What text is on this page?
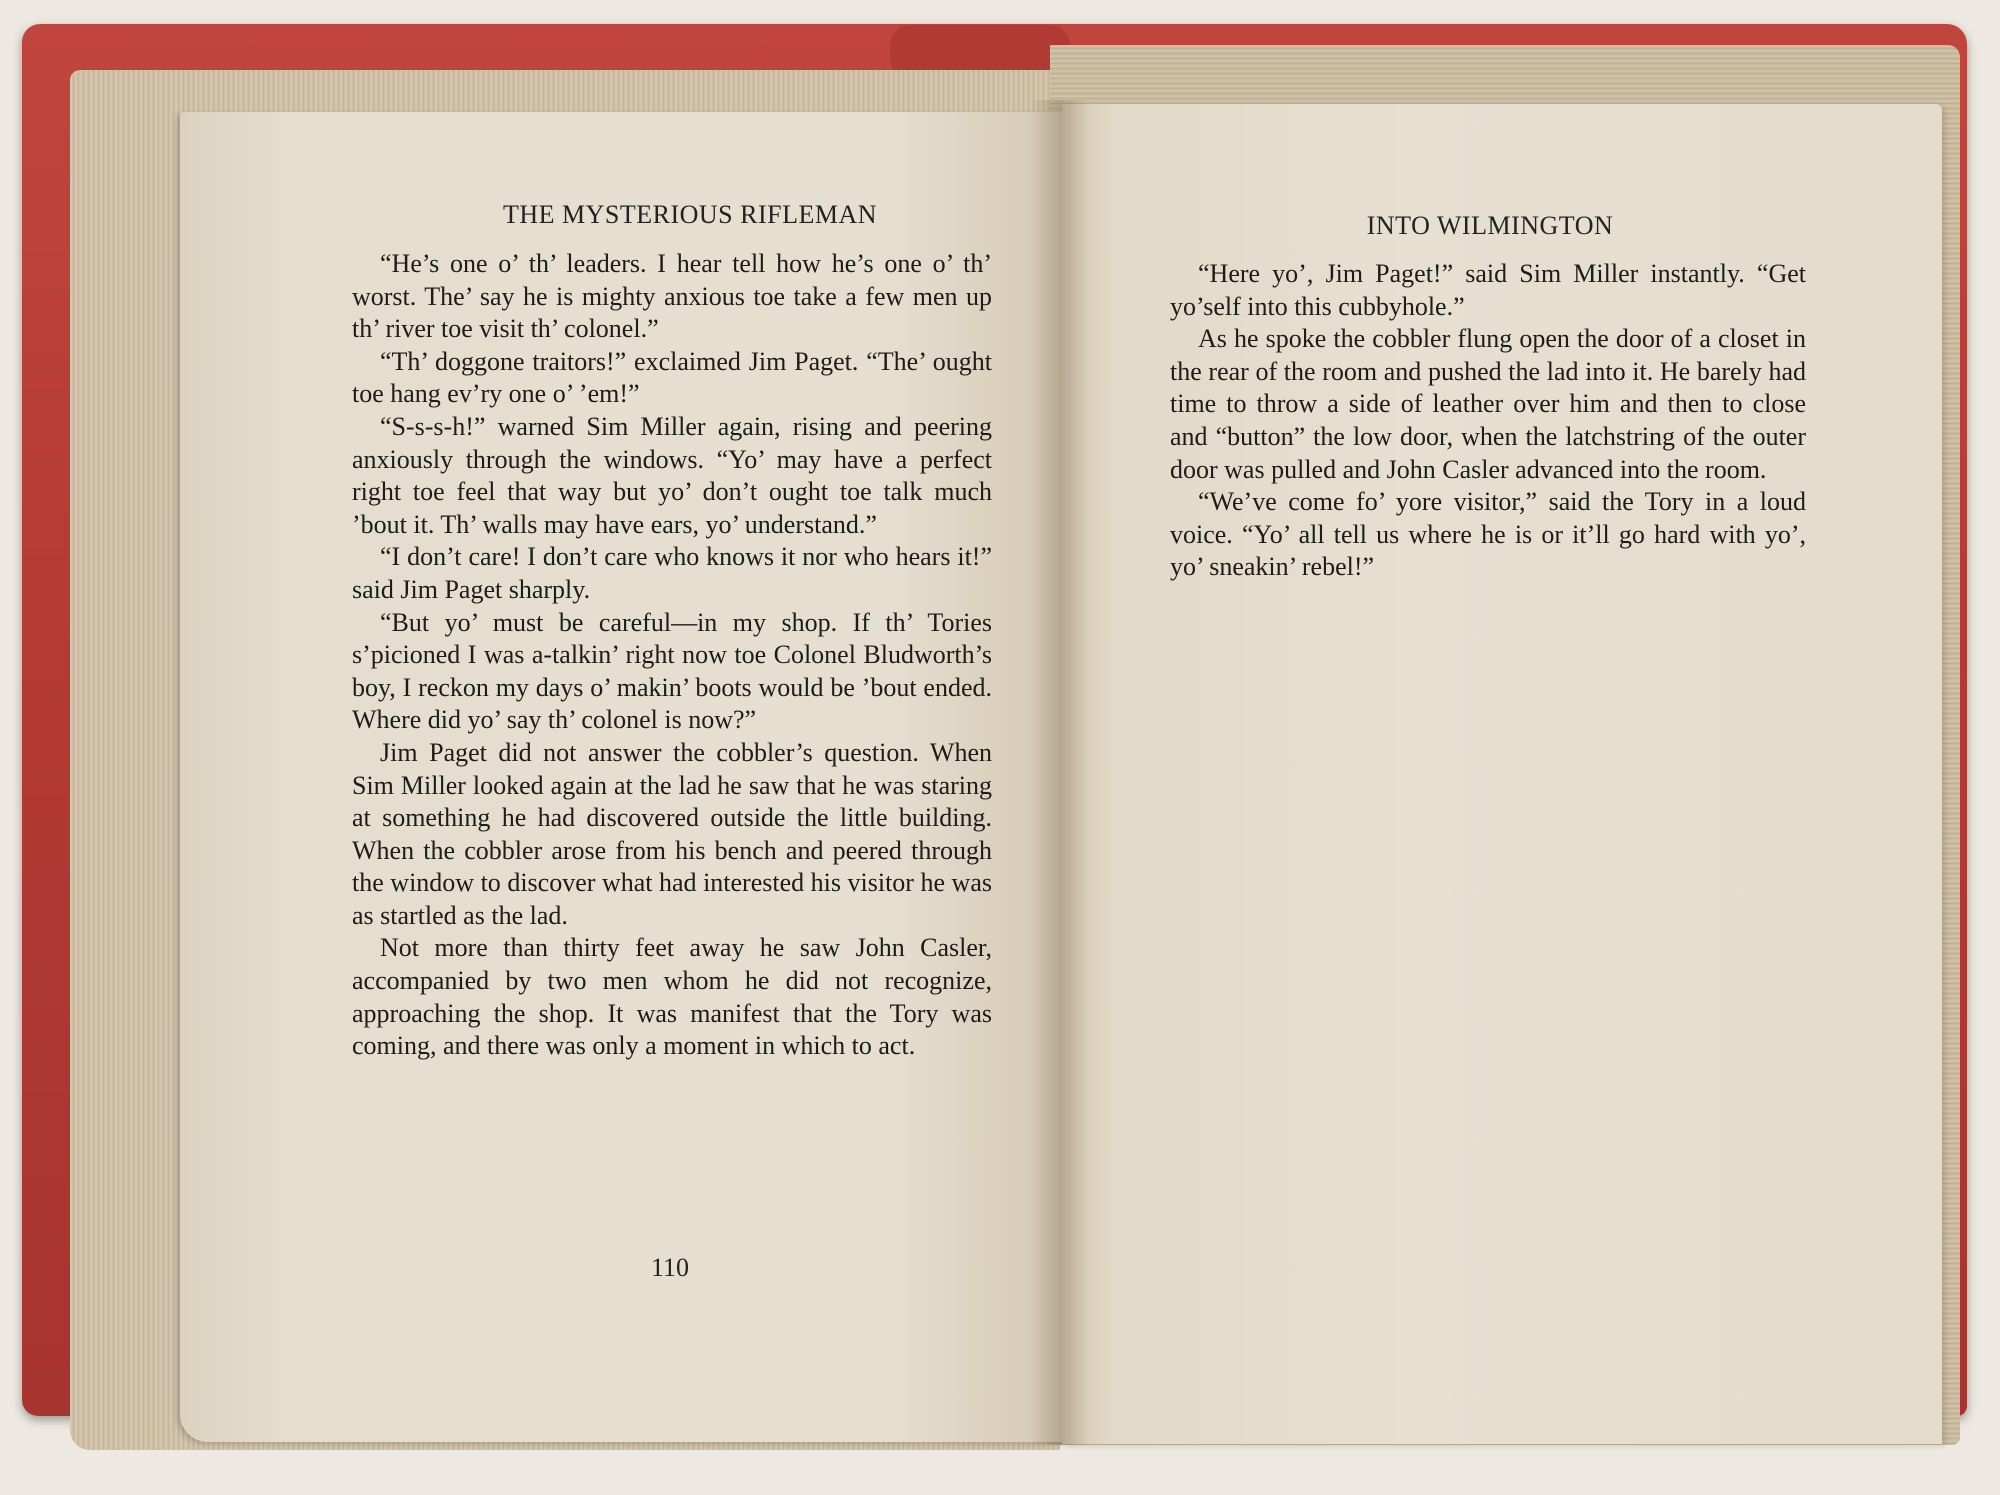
THE MYSTERIOUS RIFLEMAN

“He’s one o’ th’ leaders. I hear tell how he’s one o’ th’ worst. The’ say he is mighty anxious toe take a few men up th’ river toe visit th’ colonel.”

“Th’ doggone traitors!” exclaimed Jim Paget. “The’ ought toe hang ev’ry one o’ ’em!”

“S-s-s-h!” warned Sim Miller again, rising and peering anxiously through the windows. “Yo’ may have a perfect right toe feel that way but yo’ don’t ought toe talk much ’bout it. Th’ walls may have ears, yo’ understand.”

“I don’t care! I don’t care who knows it nor who hears it!” said Jim Paget sharply.

“But yo’ must be careful—in my shop. If th’ Tories s’picioned I was a-talkin’ right now toe Colonel Bludworth’s boy, I reckon my days o’ makin’ boots would be ’bout ended. Where did yo’ say th’ colonel is now?”

Jim Paget did not answer the cobbler’s question. When Sim Miller looked again at the lad he saw that he was staring at something he had discovered outside the little building. When the cobbler arose from his bench and peered through the window to discover what had interested his visitor he was as startled as the lad.

Not more than thirty feet away he saw John Casler, accompanied by two men whom he did not recognize, approaching the shop. It was manifest that the Tory was coming, and there was only a moment in which to act.

110
INTO WILMINGTON

“Here yo’, Jim Paget!” said Sim Miller instantly. “Get yo’self into this cubbyhole.”

As he spoke the cobbler flung open the door of a closet in the rear of the room and pushed the lad into it. He barely had time to throw a side of leather over him and then to close and “button” the low door, when the latchstring of the outer door was pulled and John Casler advanced into the room.

“We’ve come fo’ yore visitor,” said the Tory in a loud voice. “Yo’ all tell us where he is or it’ll go hard with yo’, yo’ sneakin’ rebel!”
